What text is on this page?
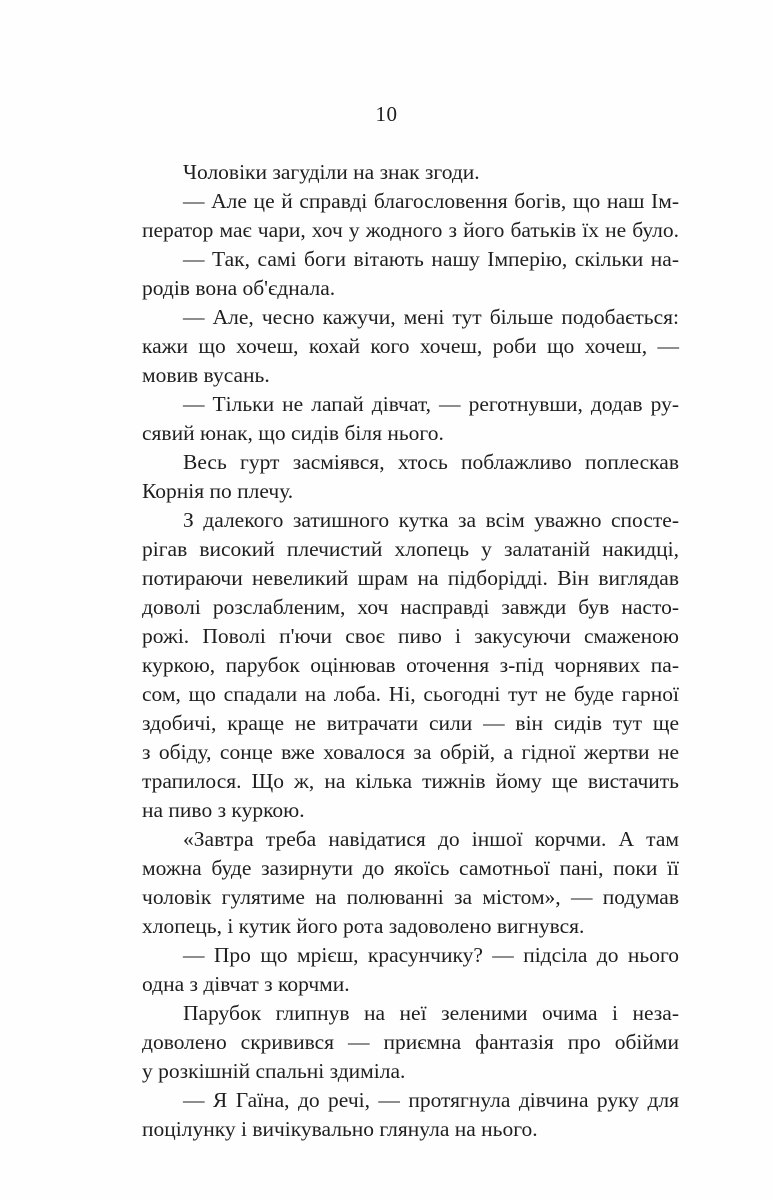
10
Чоловіки загуділи на знак згоди.
— Але це й справді благословення богів, що наш Ім-
ператор має чари, хоч у жодного з його батьків їх не було.
— Так, самі боги вітають нашу Імперію, скільки на-
родів вона об'єднала.
— Але, чесно кажучи, мені тут більше подобається:
кажи що хочеш, кохай кого хочеш, роби що хочеш, —
мовив вусань.
— Тільки не лапай дівчат, — реготнувши, додав ру-
сявий юнак, що сидів біля нього.
Весь гурт засміявся, хтось поблажливо поплескав
Корнія по плечу.
З далекого затишного кутка за всім уважно спосте-
рігав високий плечистий хлопець у залатаній накидці,
потираючи невеликий шрам на підборідді. Він виглядав
доволі розслабленим, хоч насправді завжди був насто-
рожі. Поволі п'ючи своє пиво і закусуючи смаженою
куркою, парубок оцінював оточення з-під чорнявих па-
сом, що спадали на лоба. Ні, сьогодні тут не буде гарної
здобичі, краще не витрачати сили — він сидів тут ще
з обіду, сонце вже ховалося за обрій, а гідної жертви не
трапилося. Що ж, на кілька тижнів йому ще вистачить
на пиво з куркою.
«Завтра треба навідатися до іншої корчми. А там
можна буде зазирнути до якоїсь самотньої пані, поки її
чоловік гулятиме на полюванні за містом», — подумав
хлопець, і кутик його рота задоволено вигнувся.
— Про що мрієш, красунчику? — підсіла до нього
одна з дівчат з корчми.
Парубок глипнув на неї зеленими очима і неза-
доволено скривився — приємна фантазія про обійми
у розкішній спальні здиміла.
— Я Гаїна, до речі, — протягнула дівчина руку для
поцілунку і вичікувально глянула на нього.
